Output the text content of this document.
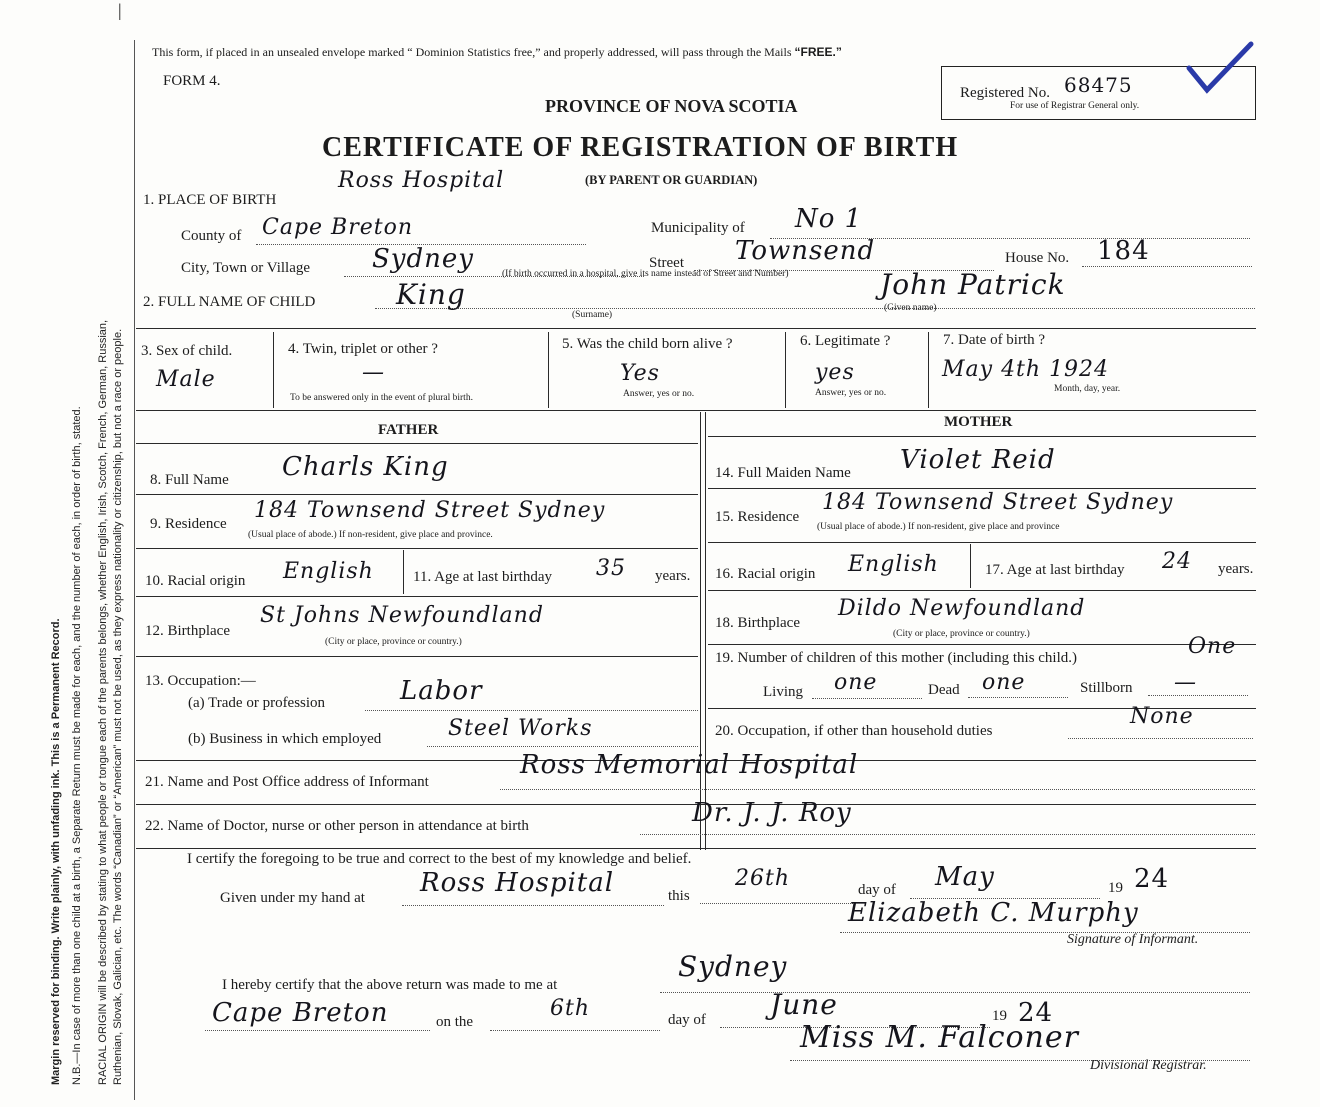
Margin reserved for binding. Write plainly, with unfading ink. This is a Permanent Record. N.B.—In case of more than one child at a birth, a Separate Return must be made for each, and the number of each, in order of birth, stated. RACIAL ORIGIN will be described by stating to what people or tongue each of the parents belongs, whether English, Irish, Scotch, French, German, Russian, Ruthenian, Slovak, Galician, etc. The words “Canadian” or “American” must not be used, as they express nationality or citizenship, but not a race or people.
|
This form, if placed in an unsealed envelope marked “ Dominion Statistics free,” and properly addressed, will pass through the Mails “FREE.”
FORM 4.
PROVINCE OF NOVA SCOTIA
Registered No. 68475
For use of Registrar General only.
CERTIFICATE OF REGISTRATION OF BIRTH
1. PLACE OF BIRTH
Ross Hospital	(BY PARENT OR GUARDIAN)
County of Cape Breton	Municipality of No 1
City, Town or Village Sydney	Street Townsend	House No. 184
(If birth occurred in a hospital, give its name instead of Street and Number)
2. FULL NAME OF CHILD	King	John Patrick
(Surname)
(Given name)
3. Sex of child.
Male
4. Twin, triplet or other ?
—
To be answered only in the event of plural birth.
5. Was the child born alive ?
Yes
Answer, yes or no.
6. Legitimate ?
yes
Answer, yes or no.
7. Date of birth ?
May 4th 1924
Month, day, year.
FATHER	MOTHER
8. Full Name Charls King
9. Residence
184 Townsend Street Sydney
(Usual place of abode.) If non-resident, give place and province.
10. Racial origin English	11. Age at last birthday 35 years.
12. Birthplace
St Johns Newfoundland
(City or place, province or country.)
13. Occupation:—
(a) Trade or profession	Labor
(b) Business in which employed	Steel Works
14. Full Maiden Name Violet Reid
15. Residence
184 Townsend Street Sydney
(Usual place of abode.) If non-resident, give place and province
16. Racial origin English	17. Age at last birthday 24 years.
18. Birthplace
Dildo Newfoundland
(City or place, province or country.)
19. Number of children of this mother (including this child.)	One
Living one	Dead one	Stillborn —
20. Occupation, if other than household duties
None
21. Name and Post Office address of Informant
Ross Memorial Hospital
22. Name of Doctor, nurse or other person in attendance at birth	Dr. J. J. Roy
I certify the foregoing to be true and correct to the best of my knowledge and belief.
Given under my hand at Ross Hospital	this
26th	day of May	19 24
Elizabeth C. Murphy
Signature of Informant.
I hereby certify that the above return was made to me at
Sydney
Cape Breton	on the
6th	day of June	19 24
Miss M. Falconer
Divisional Registrar.
